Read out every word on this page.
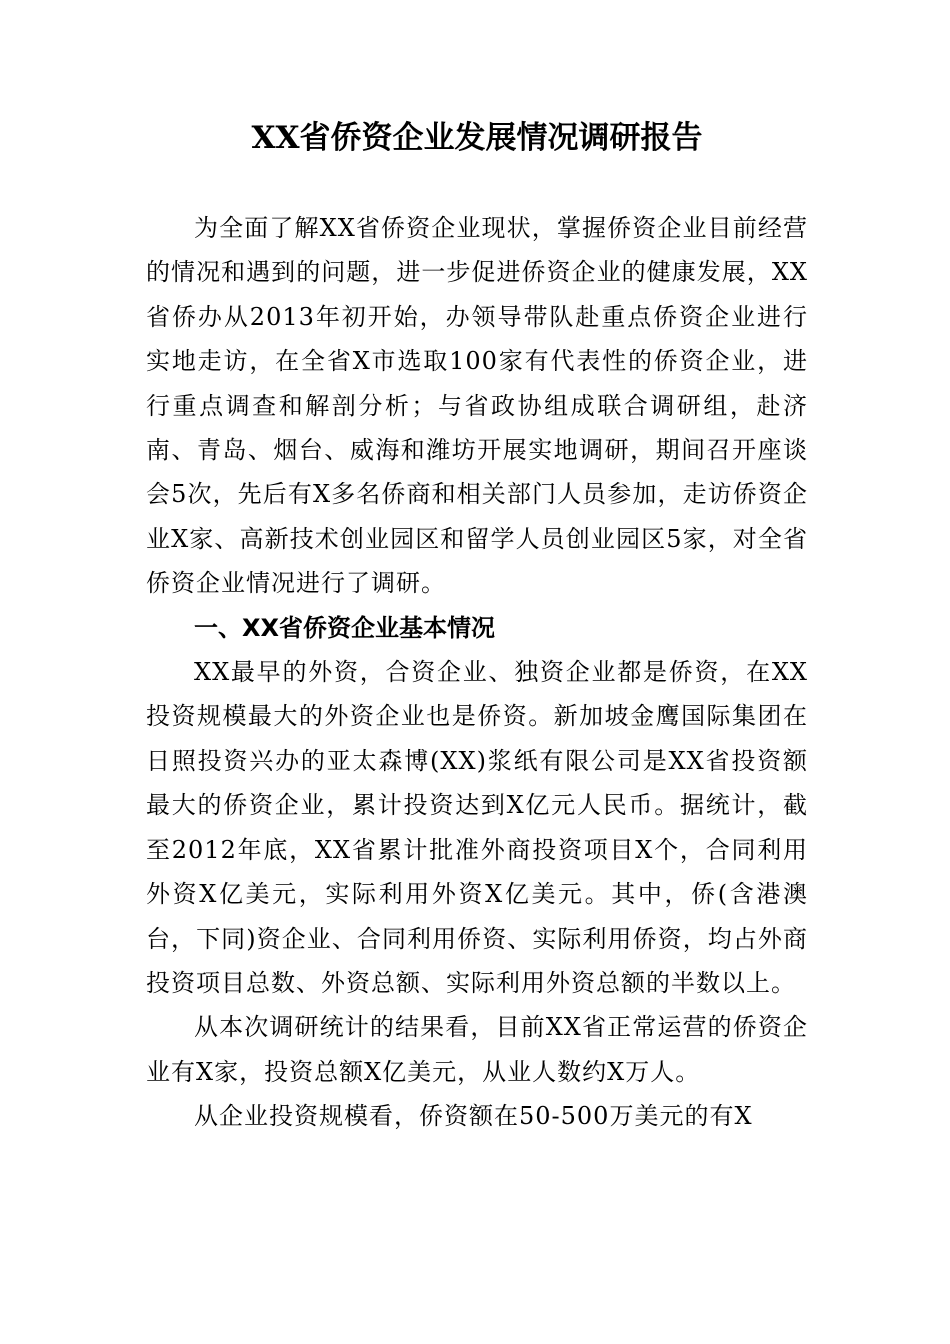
XX省侨资企业发展情况调研报告

为全面了解XX省侨资企业现状，掌握侨资企业目前经营的情况和遇到的问题，进一步促进侨资企业的健康发展，XX省侨办从2013年初开始，办领导带队赴重点侨资企业进行实地走访，在全省X市选取100家有代表性的侨资企业，进行重点调查和解剖分析；与省政协组成联合调研组，赴济南、青岛、烟台、威海和潍坊开展实地调研，期间召开座谈会5次，先后有X多名侨商和相关部门人员参加，走访侨资企业X家、高新技术创业园区和留学人员创业园区5家，对全省侨资企业情况进行了调研。

一、XX省侨资企业基本情况

XX最早的外资，合资企业、独资企业都是侨资，在XX投资规模最大的外资企业也是侨资。新加坡金鹰国际集团在日照投资兴办的亚太森博(XX)浆纸有限公司是XX省投资额最大的侨资企业，累计投资达到X亿元人民币。据统计，截至2012年底，XX省累计批准外商投资项目X个，合同利用外资X亿美元，实际利用外资X亿美元。其中，侨(含港澳台，下同)资企业、合同利用侨资、实际利用侨资，均占外商投资项目总数、外资总额、实际利用外资总额的半数以上。

从本次调研统计的结果看，目前XX省正常运营的侨资企业有X家，投资总额X亿美元，从业人数约X万人。

从企业投资规模看，侨资额在50-500万美元的有X
